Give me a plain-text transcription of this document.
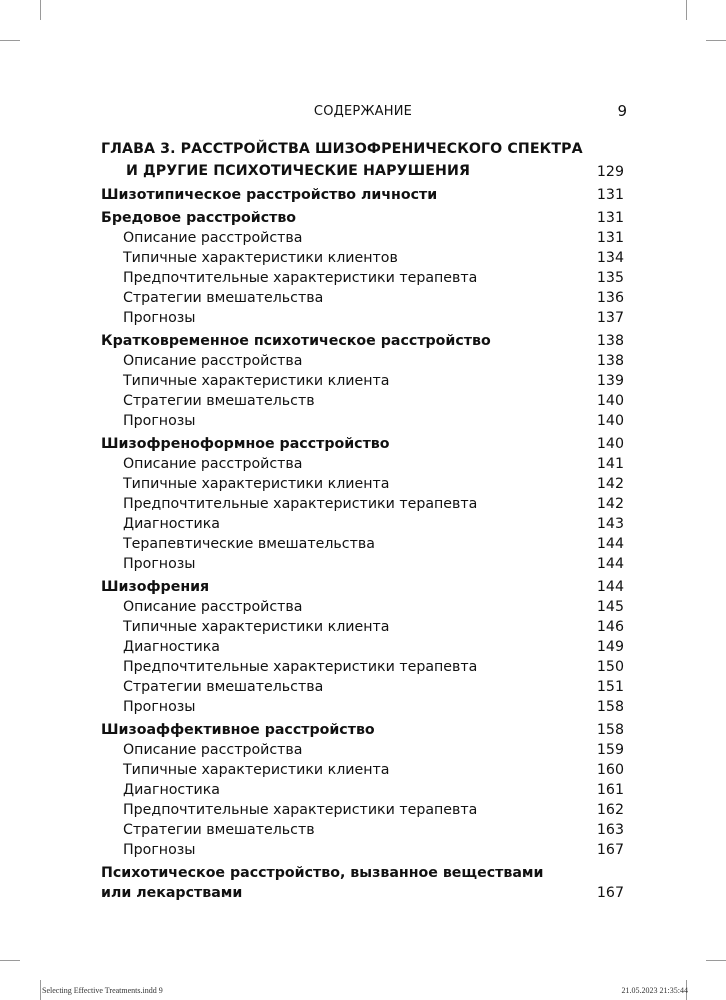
СОДЕРЖАНИЕ	9
ГЛАВА 3. РАССТРОЙСТВА ШИЗОФРЕНИЧЕСКОГО СПЕКТРА
И ДРУГИЕ ПСИХОТИЧЕСКИЕ НАРУШЕНИЯ	129
Шизотипическое расстройство личности	131
Бредовое расстройство	131
Описание расстройства	131
Типичные характеристики клиентов	134
Предпочтительные характеристики терапевта	135
Стратегии вмешательства	136
Прогнозы	137
Кратковременное психотическое расстройство	138
Описание расстройства	138
Типичные характеристики клиента	139
Стратегии вмешательств	140
Прогнозы	140
Шизофреноформное расстройство	140
Описание расстройства	141
Типичные характеристики клиента	142
Предпочтительные характеристики терапевта	142
Диагностика	143
Терапевтические вмешательства	144
Прогнозы	144
Шизофрения	144
Описание расстройства	145
Типичные характеристики клиента	146
Диагностика	149
Предпочтительные характеристики терапевта	150
Стратегии вмешательства	151
Прогнозы	158
Шизоаффективное расстройство	158
Описание расстройства	159
Типичные характеристики клиента	160
Диагностика	161
Предпочтительные характеристики терапевта	162
Стратегии вмешательств	163
Прогнозы	167
Психотическое расстройство, вызванное веществами
или лекарствами	167
Selecting Effective Treatments.indd 9	21.05.2023 21:35:44
